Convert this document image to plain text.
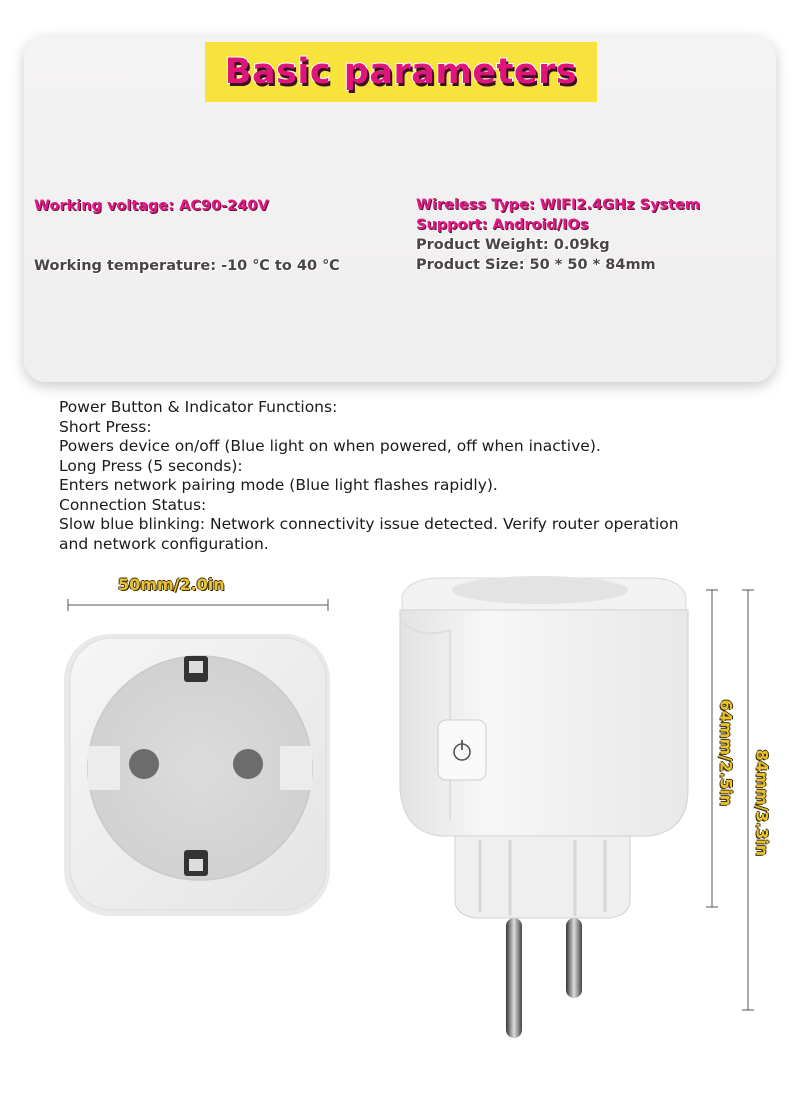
Basic parameters
Working voltage: AC90-240V
Working temperature: -10 ℃ to 40 ℃
Wireless Type: WIFI2.4GHz System
Support: Android/IOs
Product Weight: 0.09kg
Product Size: 50 * 50 * 84mm
Power Button & Indicator Functions:
Short Press:
Powers device on/off (Blue light on when powered, off when inactive).
Long Press (5 seconds):
Enters network pairing mode (Blue light flashes rapidly).
Connection Status:
Slow blue blinking: Network connectivity issue detected. Verify router operation
and network configuration.
50mm/2.0in
64mm/2.5in 84mm/3.3in
